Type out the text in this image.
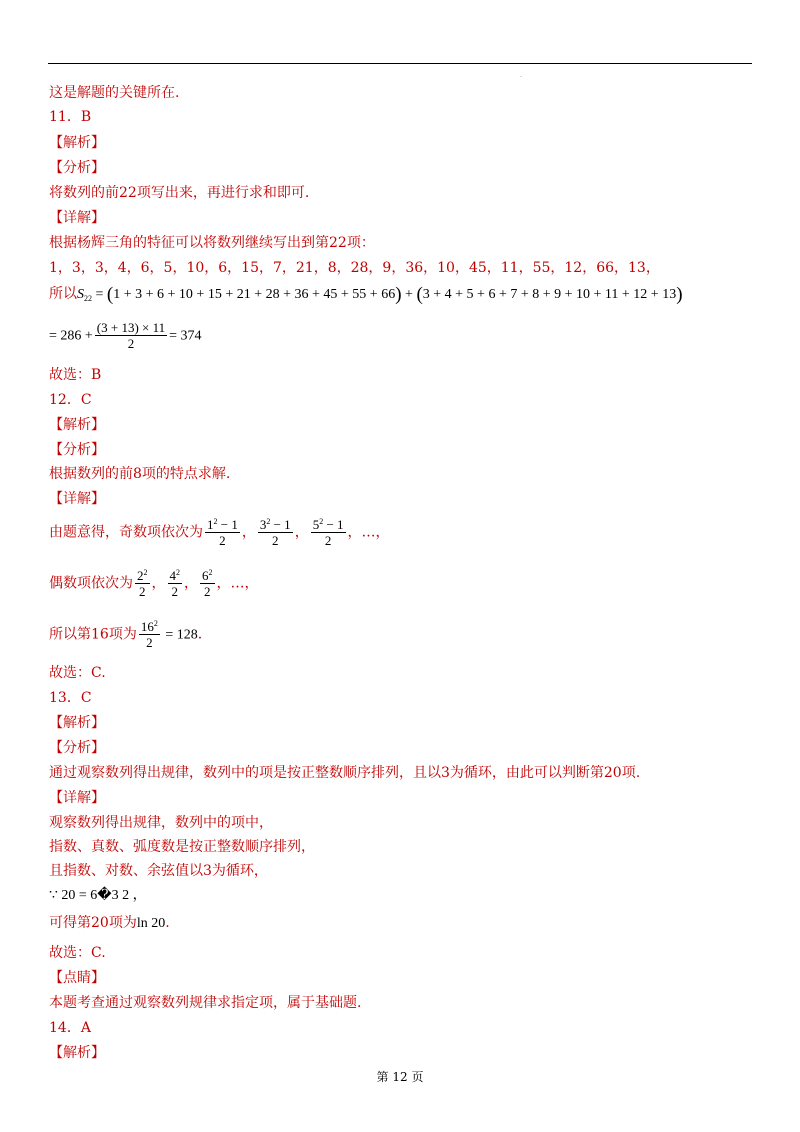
·
这是解题的关键所在.
11．B
【解析】
【分析】
将数列的前22项写出来，再进行求和即可.
【详解】
根据杨辉三角的特征可以将数列继续写出到第22项：
1，3，3，4，6，5，10，6，15，7，21，8，28，9，36，10，45，11，55，12，66，13，
所以$S_{22} = (1 + 3 + 6 + 10 + 15 + 21 + 28 + 36 + 45 + 55 + 66) + (3 + 4 + 5 + 6 + 7 + 8 + 9 + 10 + 11 + 12 + 13)$
= $286 + \frac{(3 + 13) \times 11}{2} = 374$
故选：B
12．C
【解析】
【分析】
根据数列的前8项的特点求解.
【详解】
由题意得，奇数项依次为 $\frac{1^2 - 1}{2}$ ， $\frac{3^2 - 1}{2}$ ， $\frac{5^2 - 1}{2}$ ，…，
偶数项依次为 $\frac{2^2}{2}$ ， $\frac{4^2}{2}$ ， $\frac{6^2}{2}$ ，…，
所以第16项为 $\frac{16^2}{2} = 128$.
故选：C.
13．C
【解析】
【分析】
通过观察数列得出规律，数列中的项是按正整数顺序排列，且以3为循环，由此可以判断第20项.
【详解】
观察数列得出规律，数列中的项中，
指数、真数、弧度数是按正整数顺序排列，
且指数、对数、余弦值以3为循环，
∵ 20 = 6�3 2 ，
可得第20项为ln 20.
故选：C.
【点睛】
本题考查通过观察数列规律求指定项，属于基础题.
14．A
【解析】
第 12 页
